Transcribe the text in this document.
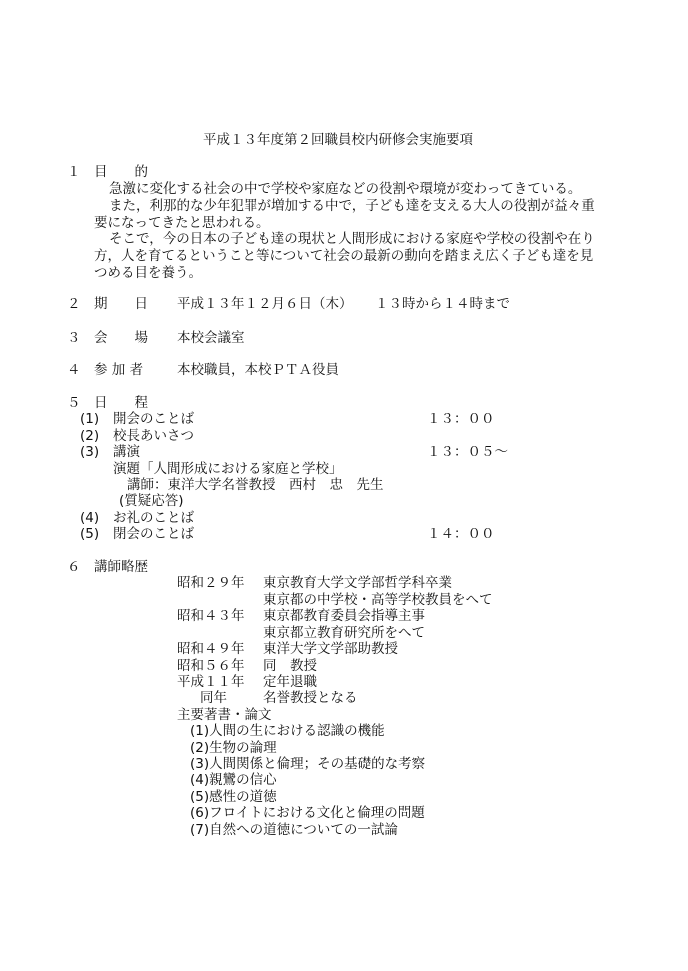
平成１３年度第２回職員校内研修会実施要項
１ 目　　的
急激に変化する社会の中で学校や家庭などの役割や環境が変わってきている。
また，利那的な少年犯罪が増加する中で，子ども達を支える大人の役割が益々重
要になってきたと思われる。
そこで，今の日本の子ども達の現状と人間形成における家庭や学校の役割や在り
方，人を育てるということ等について社会の最新の動向を踏まえ広く子ども達を見
つめる目を養う。
２ 期　　日 平成１３年１２月６日（木） １３時から１４時まで
３ 会　　場 本校会議室
４ 参 加 者	本校職員，本校ＰＴＡ役員
５ 日　　程
(1) 開会のことば	１３：００
(2) 校長あいさつ
(3) 講演	１３：０５～
演題「人間形成における家庭と学校」
講師：東洋大学名誉教授　西村　忠　先生
(質疑応答)
(4) お礼のことば
(5) 閉会のことば	１４：００
６ 講師略歴
昭和２９年 東京教育大学文学部哲学科卒業
東京都の中学校・高等学校教員をへて
昭和４３年 東京都教育委員会指導主事
東京都立教育研究所をへて
昭和４９年 東洋大学文学部助教授
昭和５６年 同　教授
平成１１年 定年退職
同年	名誉教授となる
主要著書・論文
(1)人間の生における認識の機能
(2)生物の論理
(3)人間関係と倫理；その基礎的な考察
(4)親鸞の信心
(5)感性の道徳
(6)フロイトにおける文化と倫理の問題
(7)自然への道徳についての一試論
